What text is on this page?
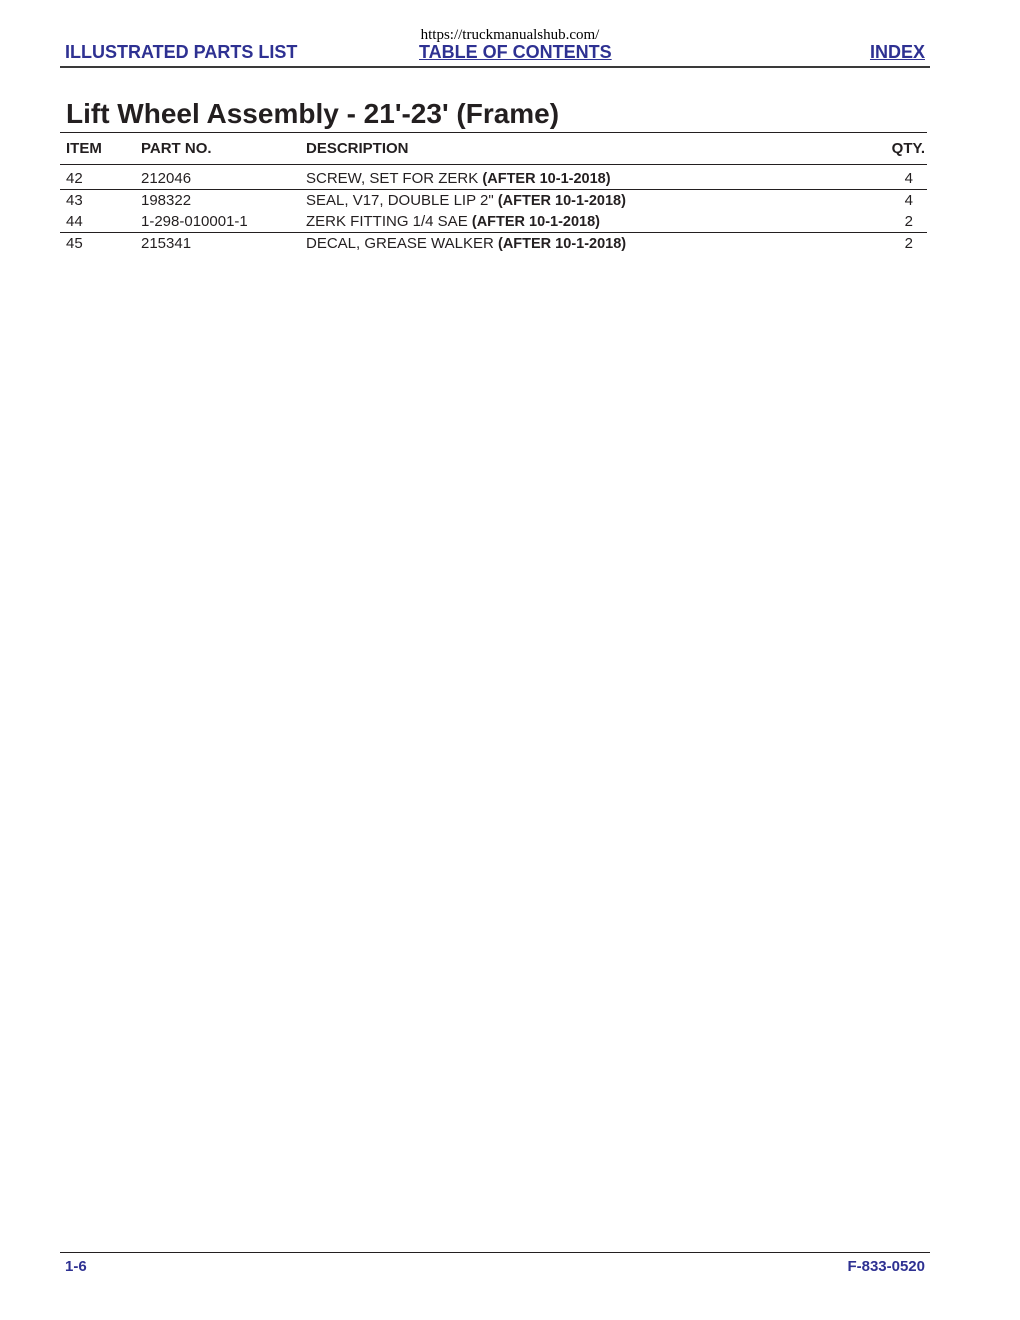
https://truckmanualshub.com/
ILLUSTRATED PARTS LIST	TABLE OF CONTENTS	INDEX
Lift Wheel Assembly - 21'-23' (Frame)
ITEM	PART NO.	DESCRIPTION	QTY.
42	212046	SCREW, SET FOR ZERK (AFTER 10-1-2018)	4
43	198322	SEAL, V17, DOUBLE LIP 2" (AFTER 10-1-2018)	4
44	1-298-010001-1	ZERK FITTING 1/4 SAE (AFTER 10-1-2018)	2
45	215341	DECAL, GREASE WALKER (AFTER 10-1-2018)	2
1-6	F-833-0520
